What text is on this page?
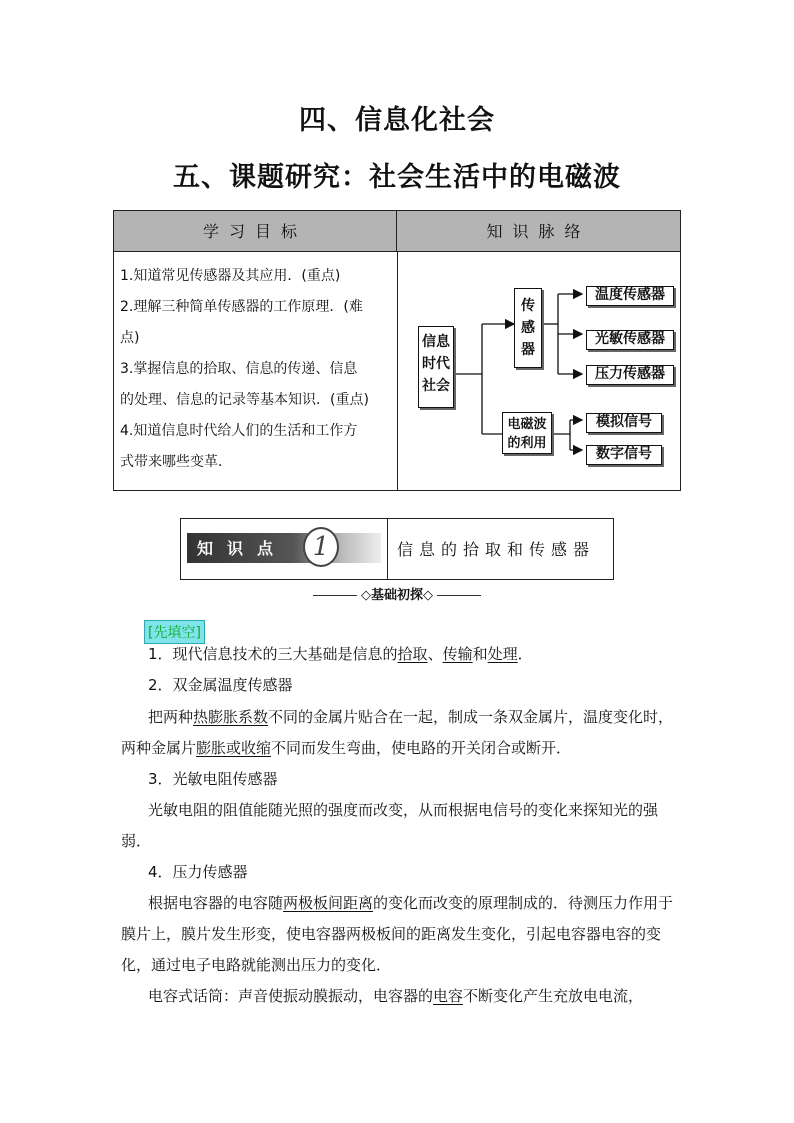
四、信息化社会
五、课题研究：社会生活中的电磁波
学习目标	知识脉络
1.知道常见传感器及其应用．(重点)
2.理解三种简单传感器的工作原理．(难
点)
3.掌握信息的拾取、信息的传递、信息
的处理、信息的记录等基本知识．(重点)
4.知道信息时代给人们的生活和工作方
式带来哪些变革．
信息
时代
社会
传
感
器
电磁波
的利用
温度传感器
光敏传感器
压力传感器
模拟信号
数字信号
知识点 1	信息的拾取和传感器
◇基础初探◇
[先填空]
1．现代信息技术的三大基础是信息的拾取、传输和处理．
2．双金属温度传感器
把两种热膨胀系数不同的金属片贴合在一起，制成一条双金属片，温度变化时，两种金属片膨胀或收缩不同而发生弯曲，使电路的开关闭合或断开．
3．光敏电阻传感器
光敏电阻的阻值能随光照的强度而改变，从而根据电信号的变化来探知光的强弱．
4．压力传感器
根据电容器的电容随两极板间距离的变化而改变的原理制成的．待测压力作用于膜片上，膜片发生形变，使电容器两极板间的距离发生变化，引起电容器电容的变化，通过电子电路就能测出压力的变化．
电容式话筒：声音使振动膜振动，电容器的电容不断变化产生充放电电流，
